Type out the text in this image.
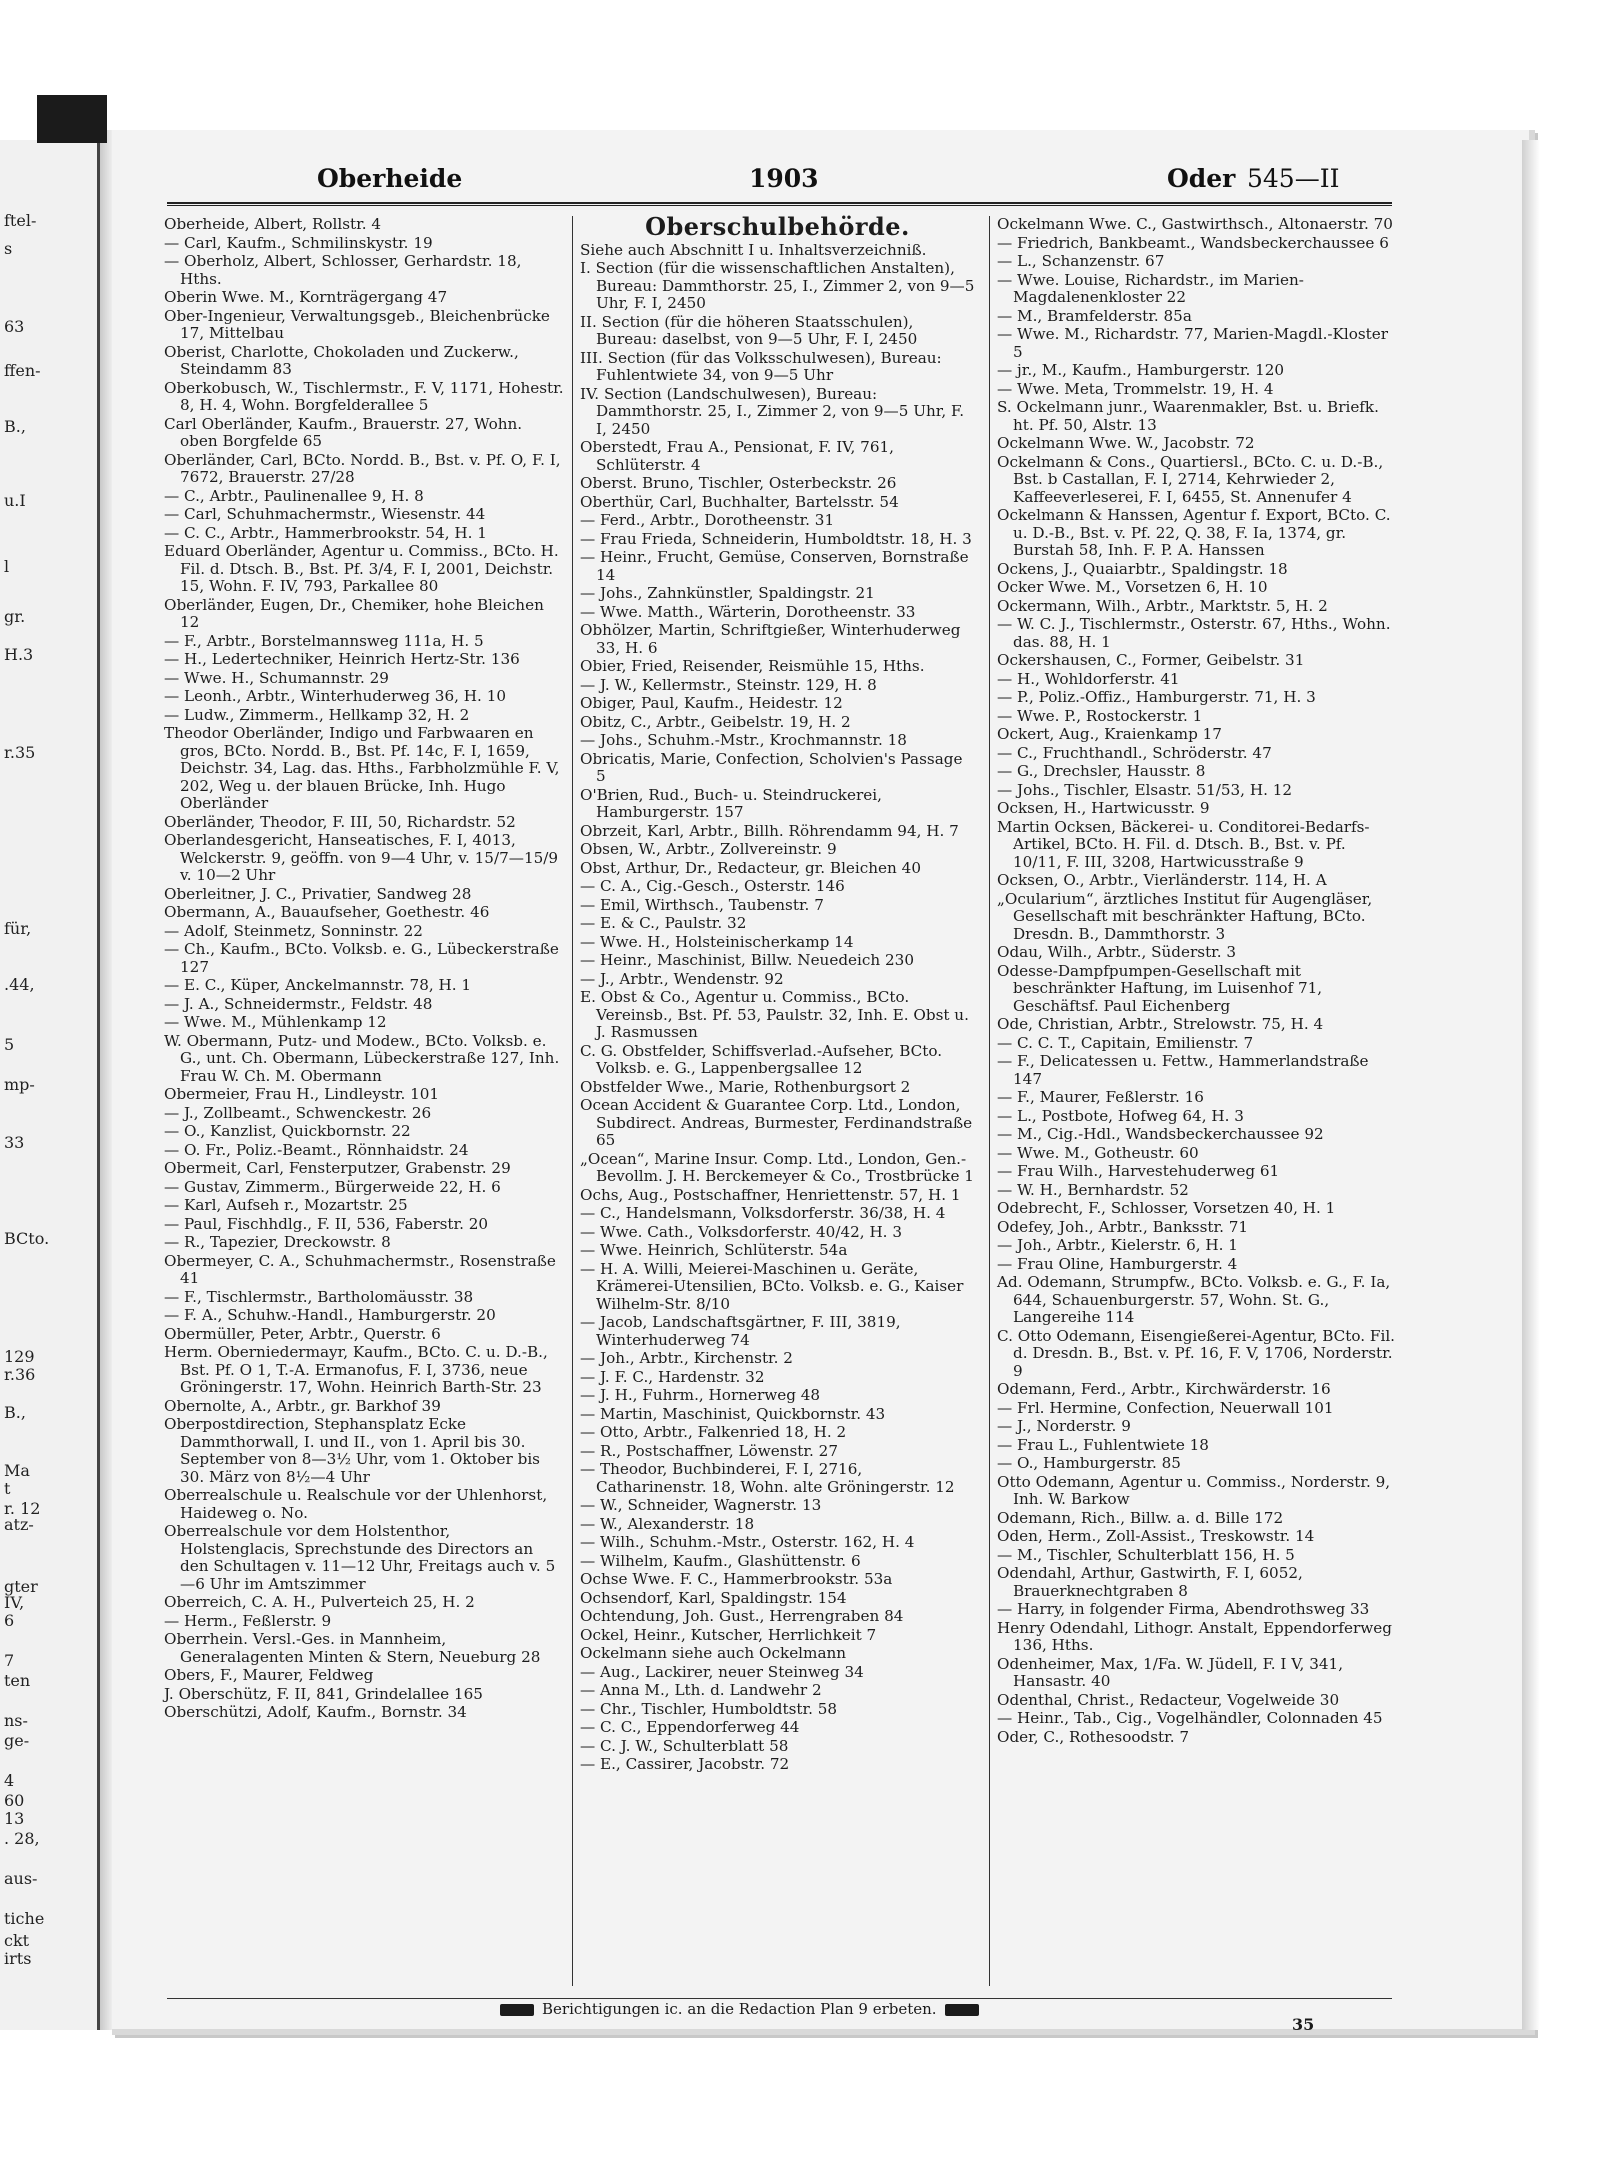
ftel-
s
63
ffen-
B.,
u.I
l
gr.
H.3
r.35
für,
.44,
5
mp-
33
BCto.
129
r.36
B.,
Ma
t
r. 12
atz-
gter
IV,
6
7
ten
ns-
ge-
4
60
13
. 28,
aus-
tiche
ckt
irts
Oberheide	1903	Oder 545—II
Oberheide, Albert, Rollstr. 4
— Carl, Kaufm., Schmilinskystr. 19
— Oberholz, Albert, Schlosser, Gerhardstr. 18, Hths.
Oberin Wwe. M., Kornträgergang 47
Ober-Ingenieur, Verwaltungsgeb., Bleichenbrücke 17, Mittelbau
Oberist, Charlotte, Chokoladen und Zuckerw., Steindamm 83
Oberkobusch, W., Tischlermstr., F. V, 1171, Hohestr. 8, H. 4, Wohn. Borgfelderallee 5
Carl Oberländer, Kaufm., Brauerstr. 27, Wohn. oben Borgfelde 65
Oberländer, Carl, BCto. Nordd. B., Bst. v. Pf. O, F. I, 7672, Brauerstr. 27/28
— C., Arbtr., Paulinenallee 9, H. 8
— Carl, Schuhmachermstr., Wiesenstr. 44
— C. C., Arbtr., Hammerbrookstr. 54, H. 1
Eduard Oberländer, Agentur u. Commiss., BCto. H. Fil. d. Dtsch. B., Bst. Pf. 3/4, F. I, 2001, Deichstr. 15, Wohn. F. IV, 793, Parkallee 80
Oberländer, Eugen, Dr., Chemiker, hohe Bleichen 12
— F., Arbtr., Borstelmannsweg 111a, H. 5
— H., Ledertechniker, Heinrich Hertz-Str. 136
— Wwe. H., Schumannstr. 29
— Leonh., Arbtr., Winterhuderweg 36, H. 10
— Ludw., Zimmerm., Hellkamp 32, H. 2
Theodor Oberländer, Indigo und Farbwaaren en gros, BCto. Nordd. B., Bst. Pf. 14c, F. I, 1659, Deichstr. 34, Lag. das. Hths., Farbholzmühle F. V, 202, Weg u. der blauen Brücke, Inh. Hugo Oberländer
Oberländer, Theodor, F. III, 50, Richardstr. 52
Oberlandesgericht, Hanseatisches, F. I, 4013, Welckerstr. 9, geöffn. von 9—4 Uhr, v. 15/7—15/9 v. 10—2 Uhr
Oberleitner, J. C., Privatier, Sandweg 28
Obermann, A., Bauaufseher, Goethestr. 46
— Adolf, Steinmetz, Sonninstr. 22
— Ch., Kaufm., BCto. Volksb. e. G., Lübeckerstraße 127
— E. C., Küper, Anckelmannstr. 78, H. 1
— J. A., Schneidermstr., Feldstr. 48
— Wwe. M., Mühlenkamp 12
W. Obermann, Putz- und Modew., BCto. Volksb. e. G., unt. Ch. Obermann, Lübeckerstraße 127, Inh. Frau W. Ch. M. Obermann
Obermeier, Frau H., Lindleystr. 101
— J., Zollbeamt., Schwenckestr. 26
— O., Kanzlist, Quickbornstr. 22
— O. Fr., Poliz.-Beamt., Rönnhaidstr. 24
Obermeit, Carl, Fensterputzer, Grabenstr. 29
— Gustav, Zimmerm., Bürgerweide 22, H. 6
— Karl, Aufseh r., Mozartstr. 25
— Paul, Fischhdlg., F. II, 536, Faberstr. 20
— R., Tapezier, Dreckowstr. 8
Obermeyer, C. A., Schuhmachermstr., Rosenstraße 41
— F., Tischlermstr., Bartholomäusstr. 38
— F. A., Schuhw.-Handl., Hamburgerstr. 20
Obermüller, Peter, Arbtr., Querstr. 6
Herm. Oberniedermayr, Kaufm., BCto. C. u. D.-B., Bst. Pf. O 1, T.-A. Ermanofus, F. I, 3736, neue Gröningerstr. 17, Wohn. Heinrich Barth-Str. 23
Obernolte, A., Arbtr., gr. Barkhof 39
Oberpostdirection, Stephansplatz Ecke Dammthorwall, I. und II., von 1. April bis 30. September von 8—3½ Uhr, vom 1. Oktober bis 30. März von 8½—4 Uhr
Oberrealschule u. Realschule vor der Uhlenhorst, Haideweg o. No.
Oberrealschule vor dem Holstenthor, Holstenglacis, Sprechstunde des Directors an den Schultagen v. 11—12 Uhr, Freitags auch v. 5—6 Uhr im Amtszimmer
Oberreich, C. A. H., Pulverteich 25, H. 2
— Herm., Feßlerstr. 9
Oberrhein. Versl.-Ges. in Mannheim, Generalagenten Minten & Stern, Neueburg 28
Obers, F., Maurer, Feldweg
J. Oberschütz, F. II, 841, Grindelallee 165
Oberschützi, Adolf, Kaufm., Bornstr. 34
Oberschulbehörde.
Siehe auch Abschnitt I u. Inhaltsverzeichniß.
I. Section (für die wissenschaftlichen Anstalten), Bureau: Dammthorstr. 25, I., Zimmer 2, von 9—5 Uhr, F. I, 2450
II. Section (für die höheren Staatsschulen), Bureau: daselbst, von 9—5 Uhr, F. I, 2450
III. Section (für das Volksschulwesen), Bureau: Fuhlentwiete 34, von 9—5 Uhr
IV. Section (Landschulwesen), Bureau: Dammthorstr. 25, I., Zimmer 2, von 9—5 Uhr, F. I, 2450
Oberstedt, Frau A., Pensionat, F. IV, 761, Schlüterstr. 4
Oberst. Bruno, Tischler, Osterbeckstr. 26
Oberthür, Carl, Buchhalter, Bartelsstr. 54
— Ferd., Arbtr., Dorotheenstr. 31
— Frau Frieda, Schneiderin, Humboldtstr. 18, H. 3
— Heinr., Frucht, Gemüse, Conserven, Bornstraße 14
— Johs., Zahnkünstler, Spaldingstr. 21
— Wwe. Matth., Wärterin, Dorotheenstr. 33
Obhölzer, Martin, Schriftgießer, Winterhuderweg 33, H. 6
Obier, Fried, Reisender, Reismühle 15, Hths.
— J. W., Kellermstr., Steinstr. 129, H. 8
Obiger, Paul, Kaufm., Heidestr. 12
Obitz, C., Arbtr., Geibelstr. 19, H. 2
— Johs., Schuhm.-Mstr., Krochmannstr. 18
Obricatis, Marie, Confection, Scholvien's Passage 5
O'Brien, Rud., Buch- u. Steindruckerei, Hamburgerstr. 157
Obrzeit, Karl, Arbtr., Billh. Röhrendamm 94, H. 7
Obsen, W., Arbtr., Zollvereinstr. 9
Obst, Arthur, Dr., Redacteur, gr. Bleichen 40
— C. A., Cig.-Gesch., Osterstr. 146
— Emil, Wirthsch., Taubenstr. 7
— E. & C., Paulstr. 32
— Wwe. H., Holsteinischerkamp 14
— Heinr., Maschinist, Billw. Neuedeich 230
— J., Arbtr., Wendenstr. 92
E. Obst & Co., Agentur u. Commiss., BCto. Vereinsb., Bst. Pf. 53, Paulstr. 32, Inh. E. Obst u. J. Rasmussen
C. G. Obstfelder, Schiffsverlad.-Aufseher, BCto. Volksb. e. G., Lappenbergsallee 12
Obstfelder Wwe., Marie, Rothenburgsort 2
Ocean Accident & Guarantee Corp. Ltd., London, Subdirect. Andreas, Burmester, Ferdinandstraße 65
„Ocean“, Marine Insur. Comp. Ltd., London, Gen.-Bevollm. J. H. Berckemeyer & Co., Trostbrücke 1
Ochs, Aug., Postschaffner, Henriettenstr. 57, H. 1
— C., Handelsmann, Volksdorferstr. 36/38, H. 4
— Wwe. Cath., Volksdorferstr. 40/42, H. 3
— Wwe. Heinrich, Schlüterstr. 54a
— H. A. Willi, Meierei-Maschinen u. Geräte, Krämerei-Utensilien, BCto. Volksb. e. G., Kaiser Wilhelm-Str. 8/10
— Jacob, Landschaftsgärtner, F. III, 3819, Winterhuderweg 74
— Joh., Arbtr., Kirchenstr. 2
— J. F. C., Hardenstr. 32
— J. H., Fuhrm., Hornerweg 48
— Martin, Maschinist, Quickbornstr. 43
— Otto, Arbtr., Falkenried 18, H. 2
— R., Postschaffner, Löwenstr. 27
— Theodor, Buchbinderei, F. I, 2716, Catharinenstr. 18, Wohn. alte Gröningerstr. 12
— W., Schneider, Wagnerstr. 13
— W., Alexanderstr. 18
— Wilh., Schuhm.-Mstr., Osterstr. 162, H. 4
— Wilhelm, Kaufm., Glashüttenstr. 6
Ochse Wwe. F. C., Hammerbrookstr. 53a
Ochsendorf, Karl, Spaldingstr. 154
Ochtendung, Joh. Gust., Herrengraben 84
Ockel, Heinr., Kutscher, Herrlichkeit 7
Ockelmann siehe auch Ockelmann
— Aug., Lackirer, neuer Steinweg 34
— Anna M., Lth. d. Landwehr 2
— Chr., Tischler, Humboldtstr. 58
— C. C., Eppendorferweg 44
— C. J. W., Schulterblatt 58
— E., Cassirer, Jacobstr. 72
Ockelmann Wwe. C., Gastwirthsch., Altonaerstr. 70
— Friedrich, Bankbeamt., Wandsbeckerchaussee 6
— L., Schanzenstr. 67
— Wwe. Louise, Richardstr., im Marien-Magdalenenkloster 22
— M., Bramfelderstr. 85a
— Wwe. M., Richardstr. 77, Marien-Magdl.-Kloster 5
— jr., M., Kaufm., Hamburgerstr. 120
— Wwe. Meta, Trommelstr. 19, H. 4
S. Ockelmann junr., Waarenmakler, Bst. u. Briefk. ht. Pf. 50, Alstr. 13
Ockelmann Wwe. W., Jacobstr. 72
Ockelmann & Cons., Quartiersl., BCto. C. u. D.-B., Bst. b Castallan, F. I, 2714, Kehrwieder 2, Kaffeeverleserei, F. I, 6455, St. Annenufer 4
Ockelmann & Hanssen, Agentur f. Export, BCto. C. u. D.-B., Bst. v. Pf. 22, Q. 38, F. Ia, 1374, gr. Burstah 58, Inh. F. P. A. Hanssen
Ockens, J., Quaiarbtr., Spaldingstr. 18
Ocker Wwe. M., Vorsetzen 6, H. 10
Ockermann, Wilh., Arbtr., Marktstr. 5, H. 2
— W. C. J., Tischlermstr., Osterstr. 67, Hths., Wohn. das. 88, H. 1
Ockershausen, C., Former, Geibelstr. 31
— H., Wohldorferstr. 41
— P., Poliz.-Offiz., Hamburgerstr. 71, H. 3
— Wwe. P., Rostockerstr. 1
Ockert, Aug., Kraienkamp 17
— C., Fruchthandl., Schröderstr. 47
— G., Drechsler, Hausstr. 8
— Johs., Tischler, Elsastr. 51/53, H. 12
Ocksen, H., Hartwicusstr. 9
Martin Ocksen, Bäckerei- u. Conditorei-Bedarfs-Artikel, BCto. H. Fil. d. Dtsch. B., Bst. v. Pf. 10/11, F. III, 3208, Hartwicusstraße 9
Ocksen, O., Arbtr., Vierländerstr. 114, H. A
„Ocularium“, ärztliches Institut für Augengläser, Gesellschaft mit beschränkter Haftung, BCto. Dresdn. B., Dammthorstr. 3
Odau, Wilh., Arbtr., Süderstr. 3
Odesse-Dampfpumpen-Gesellschaft mit beschränkter Haftung, im Luisenhof 71, Geschäftsf. Paul Eichenberg
Ode, Christian, Arbtr., Strelowstr. 75, H. 4
— C. C. T., Capitain, Emilienstr. 7
— F., Delicatessen u. Fettw., Hammerlandstraße 147
— F., Maurer, Feßlerstr. 16
— L., Postbote, Hofweg 64, H. 3
— M., Cig.-Hdl., Wandsbeckerchaussee 92
— Wwe. M., Gotheustr. 60
— Frau Wilh., Harvestehuderweg 61
— W. H., Bernhardstr. 52
Odebrecht, F., Schlosser, Vorsetzen 40, H. 1
Odefey, Joh., Arbtr., Banksstr. 71
— Joh., Arbtr., Kielerstr. 6, H. 1
— Frau Oline, Hamburgerstr. 4
Ad. Odemann, Strumpfw., BCto. Volksb. e. G., F. Ia, 644, Schauenburgerstr. 57, Wohn. St. G., Langereihe 114
C. Otto Odemann, Eisengießerei-Agentur, BCto. Fil. d. Dresdn. B., Bst. v. Pf. 16, F. V, 1706, Norderstr. 9
Odemann, Ferd., Arbtr., Kirchwärderstr. 16
— Frl. Hermine, Confection, Neuerwall 101
— J., Norderstr. 9
— Frau L., Fuhlentwiete 18
— O., Hamburgerstr. 85
Otto Odemann, Agentur u. Commiss., Norderstr. 9, Inh. W. Barkow
Odemann, Rich., Billw. a. d. Bille 172
Oden, Herm., Zoll-Assist., Treskowstr. 14
— M., Tischler, Schulterblatt 156, H. 5
Odendahl, Arthur, Gastwirth, F. I, 6052, Brauerknechtgraben 8
— Harry, in folgender Firma, Abendrothsweg 33
Henry Odendahl, Lithogr. Anstalt, Eppendorferweg 136, Hths.
Odenheimer, Max, 1/Fa. W. Jüdell, F. I V, 341, Hansastr. 40
Odenthal, Christ., Redacteur, Vogelweide 30
— Heinr., Tab., Cig., Vogelhändler, Colonnaden 45
Oder, C., Rothesoodstr. 7
Berichtigungen ic. an die Redaction Plan 9 erbeten.
35
